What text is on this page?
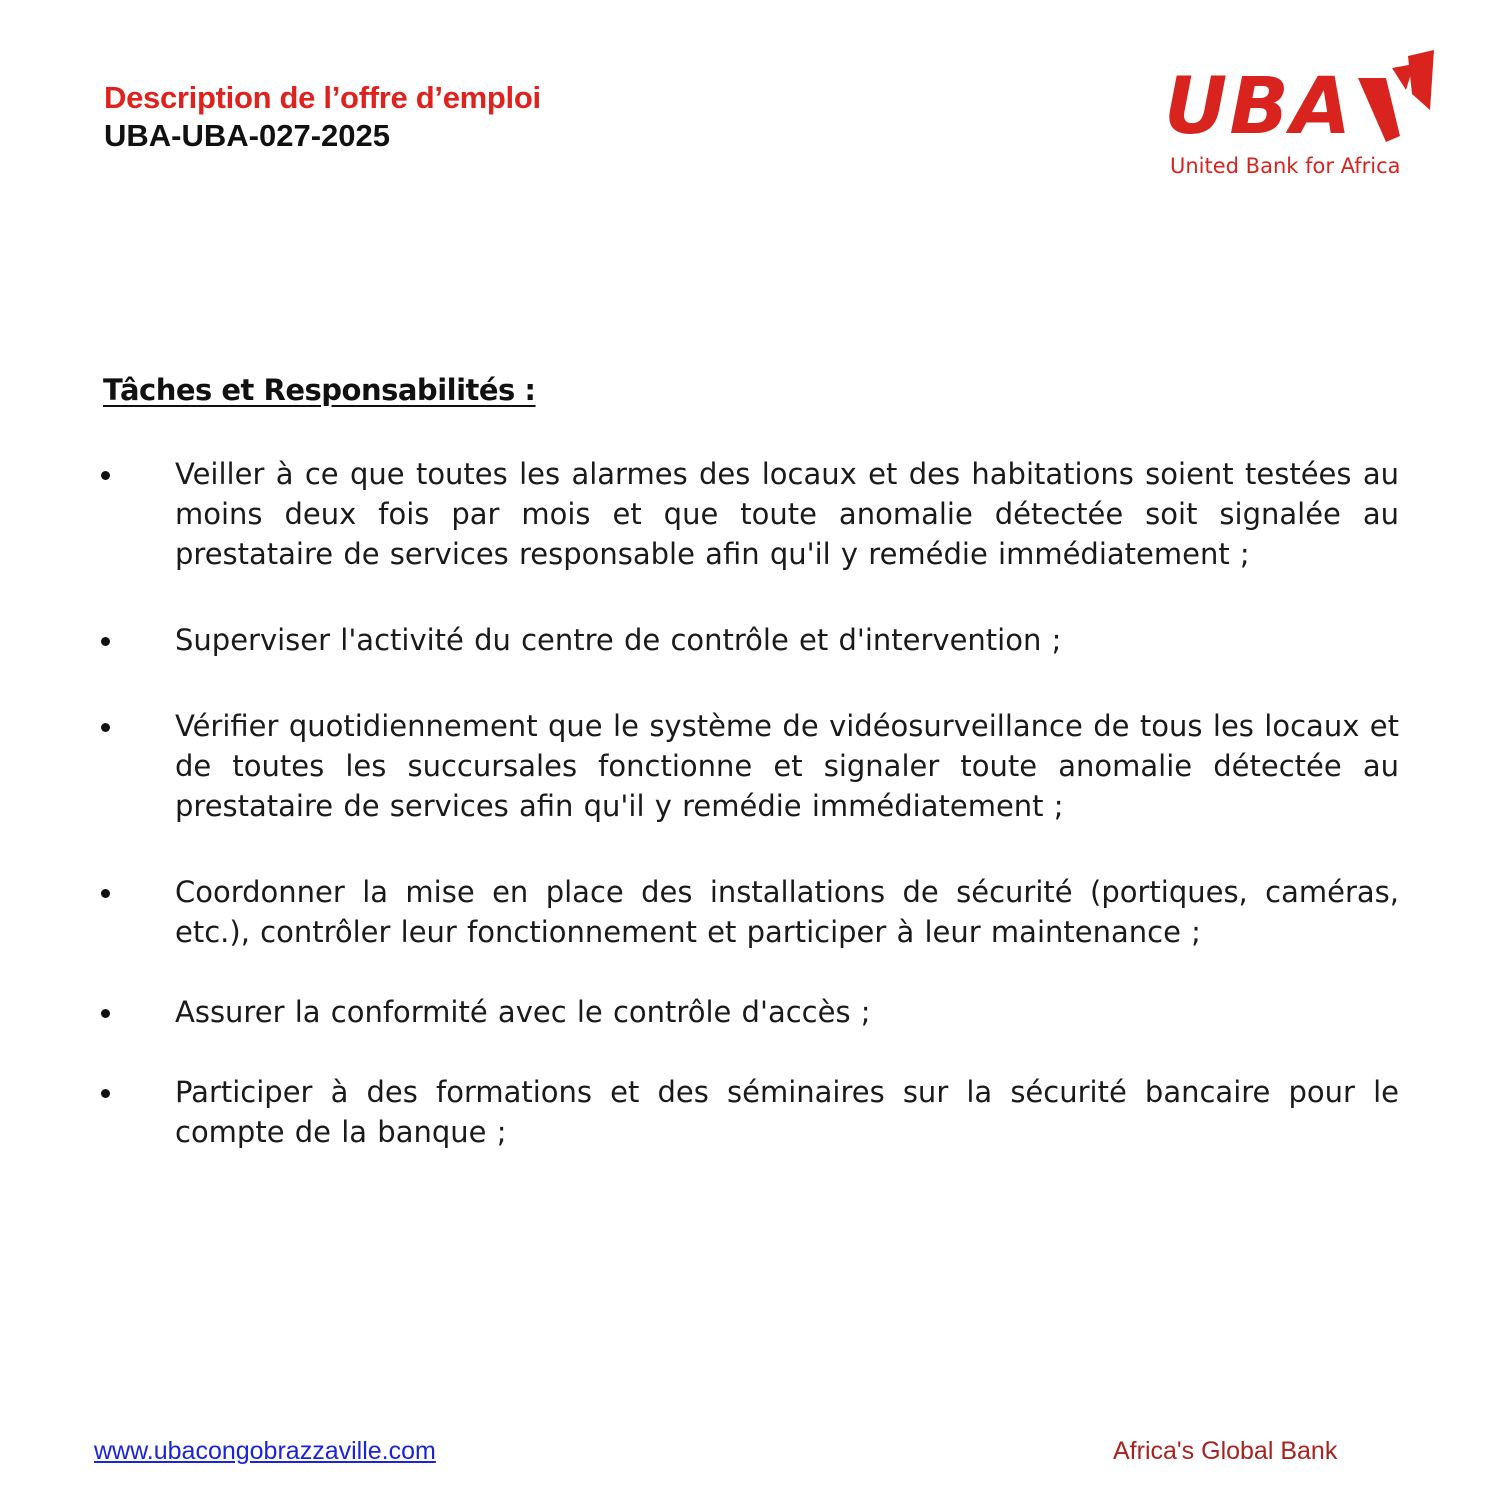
Description de l’offre d’emploi
UBA-UBA-027-2025	UBA
United Bank for Africa
Tâches et Responsabilités :
Veiller à ce que toutes les alarmes des locaux et des habitations soient testées au moins deux fois par mois et que toute anomalie détectée soit signalée au prestataire de services responsable afin qu'il y remédie immédiatement ;
Superviser l'activité du centre de contrôle et d'intervention ;
Vérifier quotidiennement que le système de vidéosurveillance de tous les locaux et de toutes les succursales fonctionne et signaler toute anomalie détectée au prestataire de services afin qu'il y remédie immédiatement ;
Coordonner la mise en place des installations de sécurité (portiques, caméras, etc.), contrôler leur fonctionnement et participer à leur maintenance ;
Assurer la conformité avec le contrôle d'accès ;
Participer à des formations et des séminaires sur la sécurité bancaire pour le compte de la banque ;
www.ubacongobrazzaville.com	Africa's Global Bank
